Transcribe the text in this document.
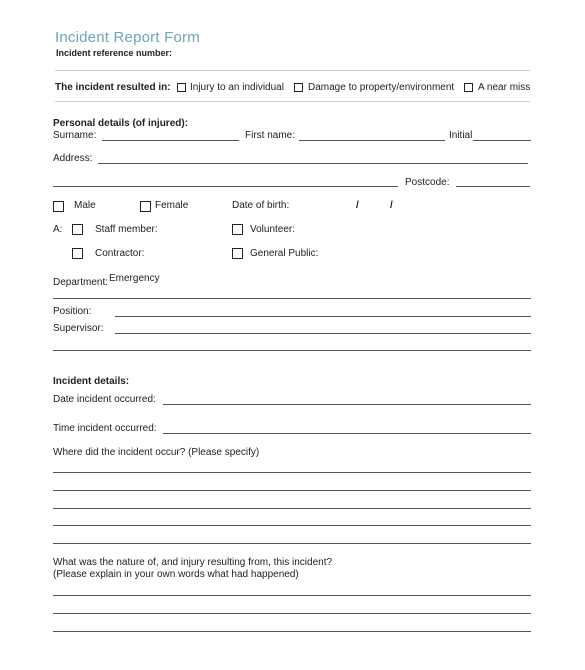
Incident Report Form
Incident reference number:
The incident resulted in: Injury to an individual Damage to property/environment A near miss
Personal details (of injured):
Surname:	First name:	Initial
Address:
Postcode:
Male	Female	Date of birth:	/	/
A:	Staff member:	Volunteer:
Contractor:	General Public:
Department: Emergency
Position:
Supervisor:
Incident details:
Date incident occurred:
Time incident occurred:
Where did the incident occur? (Please specify)
What was the nature of, and injury resulting from, this incident?
(Please explain in your own words what had happened)
